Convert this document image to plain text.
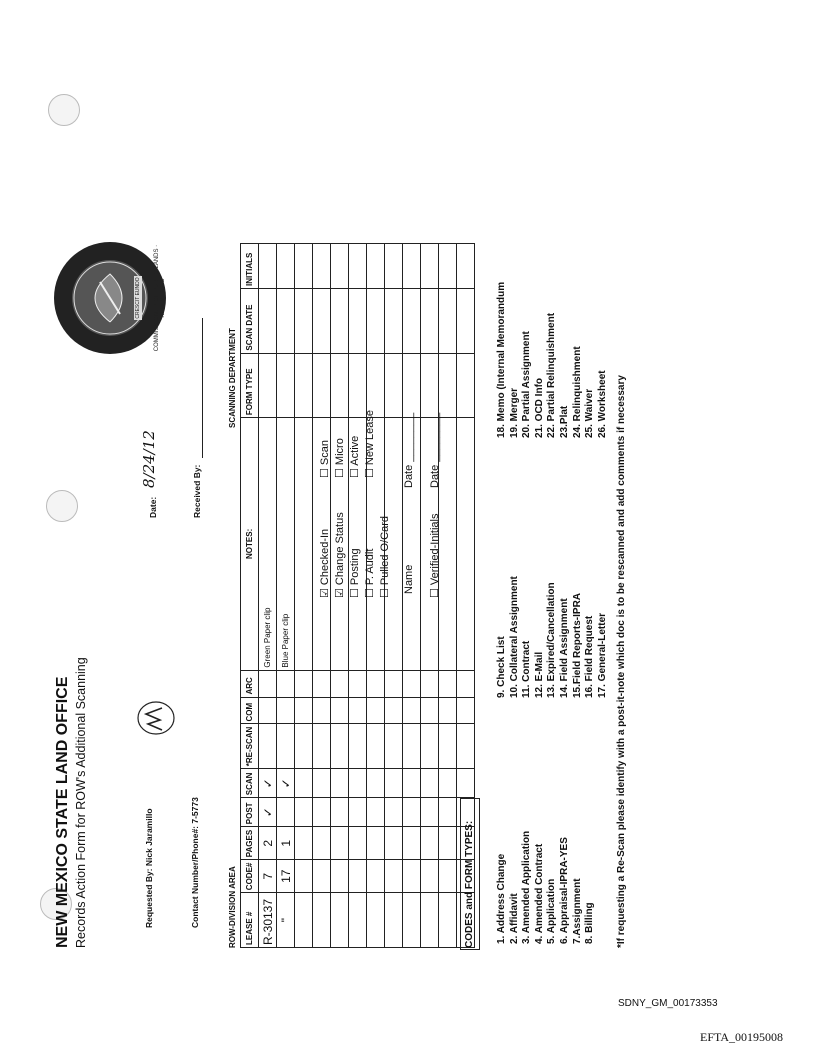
NEW MEXICO STATE LAND OFFICE Records Action Form for ROW's Additional Scanning	Requested By: Nick Jaramillo	Contact Number/Phone#: 7-5773
Date:
8/24/12
Received By:
COMMISSIONER OF PUBLIC LANDS · NEW MEXICO
CRESCIT EUNDO
ROW-DIVISION AREA
SCANNING DEPARTMENT
LEASE #	CODE#	PAGES	POST	SCAN	*RE-SCAN	COM	ARC	NOTES:	FORM TYPE	SCAN DATE	INITIALS
R-30137	7	2	✓	✓				Green Paper clip			
"	17	1		✓				Blue Paper clip			

☑ Checked-In
☑ Change Status
☐ Posting
☐ P. Audit
☐ Pulled O/Card Name ☐ Verified-Initials
☐ Scan
☐ Micro
☐ Active
☐ New Lease
Date ________
Date ________
CODES and FORM TYPES: 1. Address Change 2. Affidavit 3. Amended Application 4. Amended Contract 5. Application 6. Appraisal-IPRA-YES 7.Assignment 8. Billing
9. Check List 10. Collateral Assignment 11. Contract 12. E-Mail 13. Expired/Cancellation 14. Field Assignment 15.Field Reports-IPRA 16. Field Request 17. General-Letter
18. Memo (Internal Memorandum 19. Merger 20. Partial Assignment 21. OCD Info 22. Partial Relinquishment 23.Plat 24. Relinquishment 25. Waiver 26. Worksheet *If requesting a Re-Scan please identify with a post-it-note which doc is to be rescanned and add comments if necessary
SDNY_GM_00173353
EFTA_00195008
